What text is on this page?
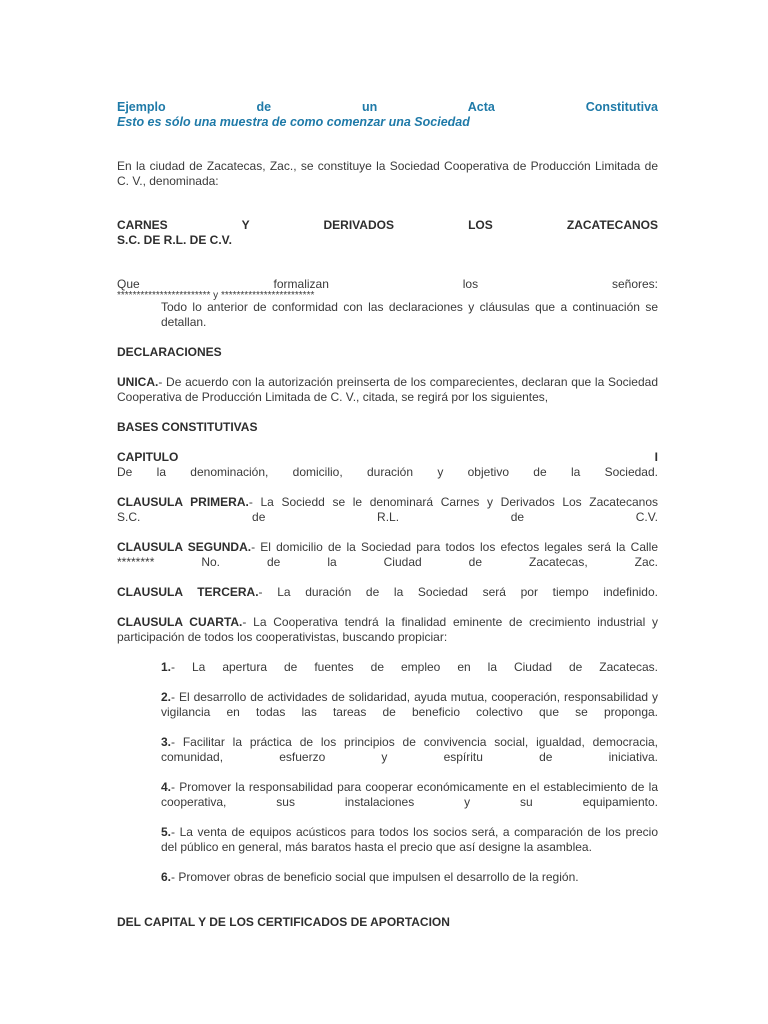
Ejemplo de un Acta Constitutiva
Esto es sólo una muestra de como comenzar una Sociedad

En la ciudad de Zacatecas, Zac., se constituye la Sociedad Cooperativa de Producción Limitada de C. V., denominada:

CARNES Y DERIVADOS LOS ZACATECANOS
S.C. DE R.L. DE C.V.
Que formalizan los señores:
************************ y ************************

Todo lo anterior de conformidad con las declaraciones y cláusulas que a continuación se detallan.

DECLARACIONES

UNICA.- De acuerdo con la autorización preinserta de los comparecientes, declaran que la Sociedad Cooperativa de Producción Limitada de C. V., citada, se regirá por los siguientes,

BASES CONSTITUTIVAS
CAPITULO	I
De la denominación, domicilio, duración y objetivo de la Sociedad.
CLAUSULA PRIMERA.- La Sociedd se le denominará Carnes y Derivados Los Zacatecanos
S.C. de R.L. de C.V.
CLAUSULA SEGUNDA.- El domicilio de la Sociedad para todos los efectos legales será la Calle
******** No. de la Ciudad de Zacatecas, Zac.
CLAUSULA TERCERA.- La duración de la Sociedad será por tiempo indefinido.
CLAUSULA CUARTA.- La Cooperativa tendrá la finalidad eminente de crecimiento industrial y
participación de todos los cooperativistas, buscando propiciar:

1.- La apertura de fuentes de empleo en la Ciudad de Zacatecas.

2.- El desarrollo de actividades de solidaridad, ayuda mutua, cooperación, responsabilidad y vigilancia en todas las tareas de beneficio colectivo que se proponga.

3.- Facilitar la práctica de los principios de convivencia social, igualdad, democracia, comunidad, esfuerzo y espíritu de iniciativa.

4.- Promover la responsabilidad para cooperar económicamente en el establecimiento de la cooperativa, sus instalaciones y su equipamiento.

5.- La venta de equipos acústicos para todos los socios será, a comparación de los precio del público en general, más baratos hasta el precio que así designe la asamblea.

6.- Promover obras de beneficio social que impulsen el desarrollo de la región.

DEL CAPITAL Y DE LOS CERTIFICADOS DE APORTACION
